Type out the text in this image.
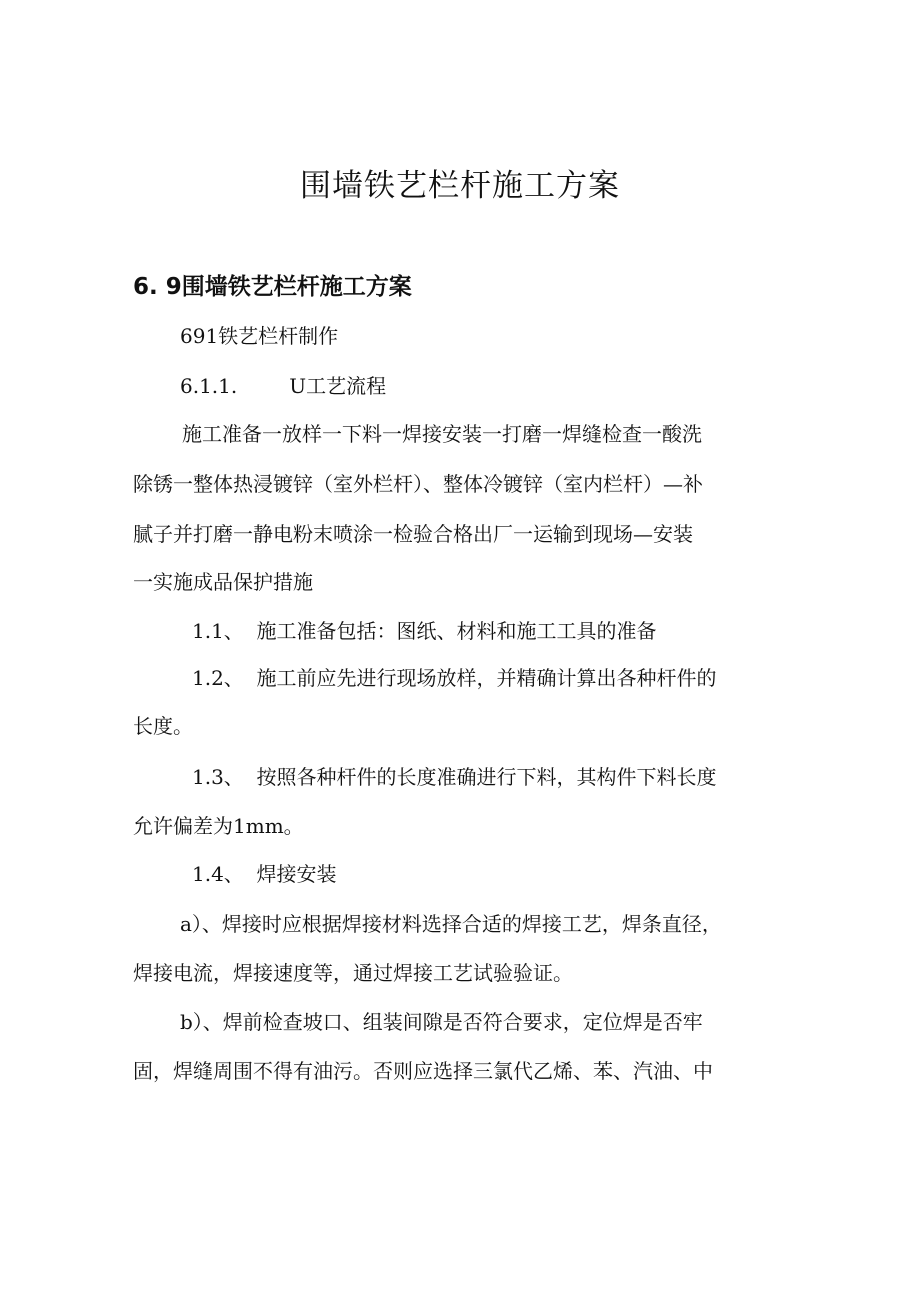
围墙铁艺栏杆施工方案
6. 9围墙铁艺栏杆施工方案

691铁艺栏杆制作

6.1.1.	U工艺流程

施工准备一放样一下料一焊接安装一打磨一焊缝检查一酸洗

除锈一整体热浸镀锌（室外栏杆）、整体冷镀锌（室内栏杆）—补

腻子并打磨一静电粉末喷涂一检验合格出厂一运输到现场—安装

一实施成品保护措施

1.1、 施工准备包括：图纸、材料和施工工具的准备

1.2、 施工前应先进行现场放样，并精确计算出各种杆件的

长度。

1.3、 按照各种杆件的长度准确进行下料，其构件下料长度

允许偏差为1mm。

1.4、 焊接安装

a）、焊接时应根据焊接材料选择合适的焊接工艺，焊条直径，

焊接电流，焊接速度等，通过焊接工艺试验验证。

b）、焊前检查坡口、组装间隙是否符合要求，定位焊是否牢

固，焊缝周围不得有油污。否则应选择三氯代乙烯、苯、汽油、中
